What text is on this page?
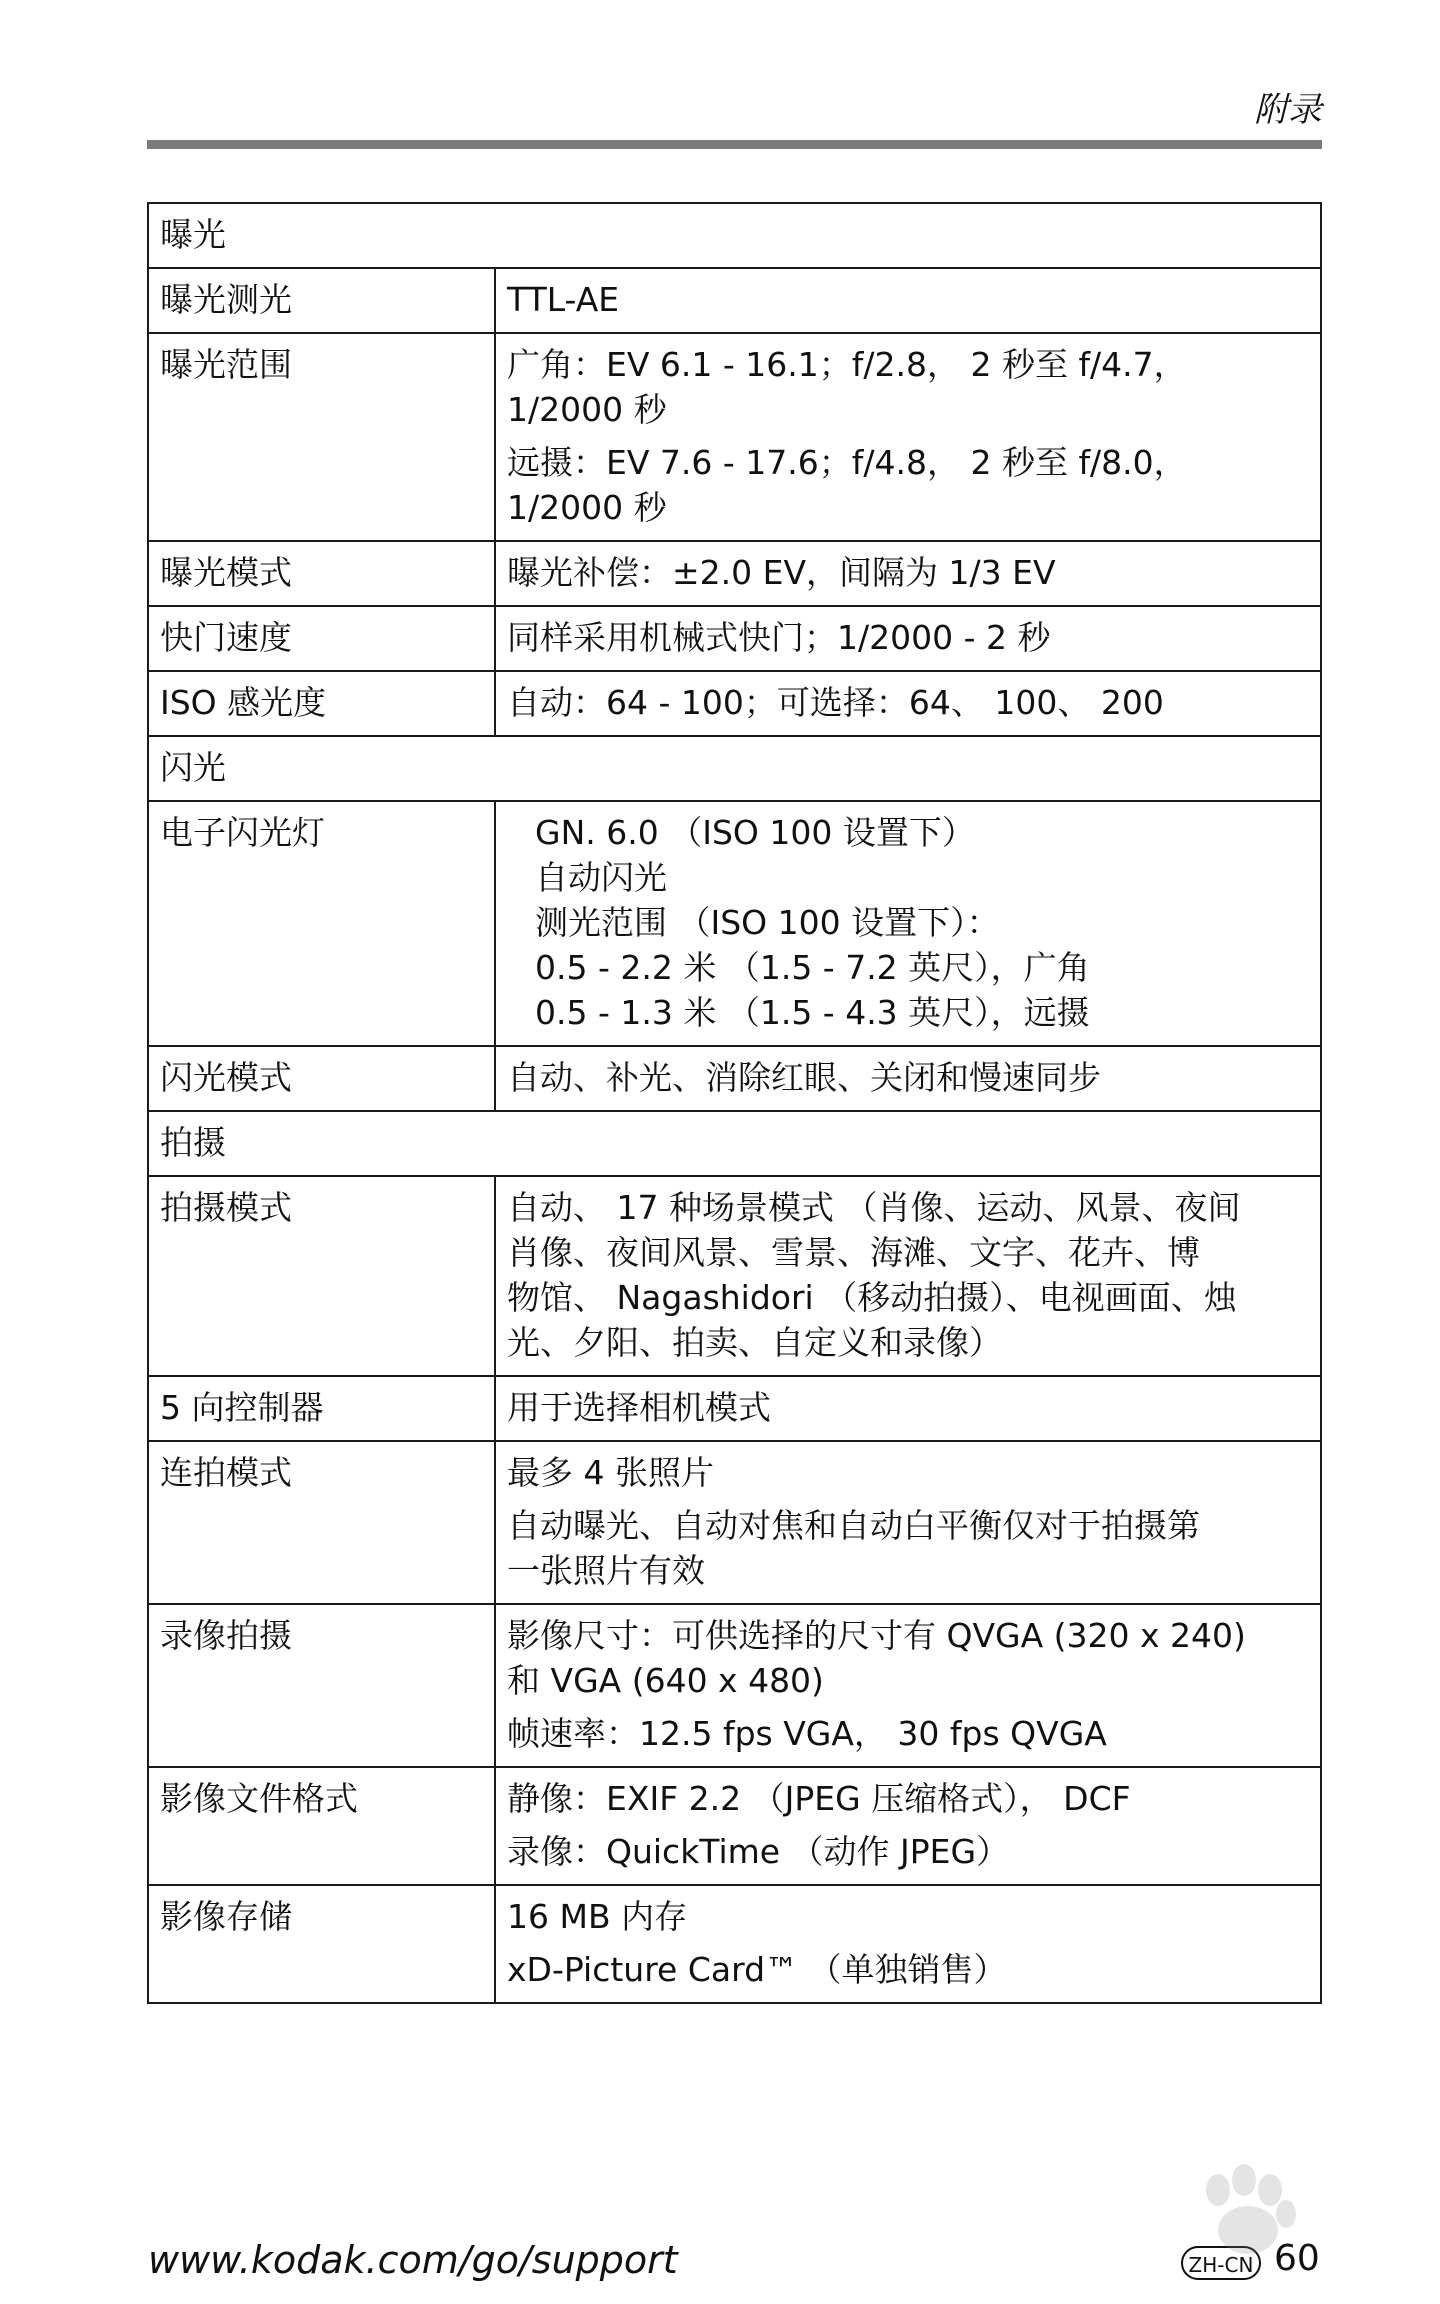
附录
曝光	
曝光测光	TTL-AE

曝光范围	广角：EV 6.1 - 16.1；f/2.8， 2 秒至 f/4.7，
1/2000 秒
远摄：EV 7.6 - 17.6；f/4.8， 2 秒至 f/8.0，
1/2000 秒

曝光模式	曝光补偿：±2.0 EV，间隔为 1/3 EV

快门速度	同样采用机械式快门；1/2000 - 2 秒

ISO 感光度	自动：64 - 100；可选择：64、 100、 200

闪光	
电子闪光灯	GN. 6.0 （ISO 100 设置下）
自动闪光
测光范围 （ISO 100 设置下）：
0.5 - 2.2 米 （1.5 - 7.2 英尺），广角
0.5 - 1.3 米 （1.5 - 4.3 英尺），远摄

闪光模式	自动、补光、消除红眼、关闭和慢速同步

拍摄	
拍摄模式	自动、 17 种场景模式 （肖像、运动、风景、夜间
肖像、夜间风景、雪景、海滩、文字、花卉、博
物馆、 Nagashidori （移动拍摄）、电视画面、烛
光、夕阳、拍卖、自定义和录像）

5 向控制器	用于选择相机模式

连拍模式	最多 4 张照片
自动曝光、自动对焦和自动白平衡仅对于拍摄第
一张照片有效

录像拍摄	影像尺寸：可供选择的尺寸有 QVGA (320 x 240)
和 VGA (640 x 480)
帧速率：12.5 fps VGA， 30 fps QVGA

影像文件格式	静像：EXIF 2.2 （JPEG 压缩格式）， DCF
录像：QuickTime （动作 JPEG）

影像存储	16 MB 内存
xD-Picture Card™ （单独销售）
www.kodak.com/go/support	ZH-CN 60
